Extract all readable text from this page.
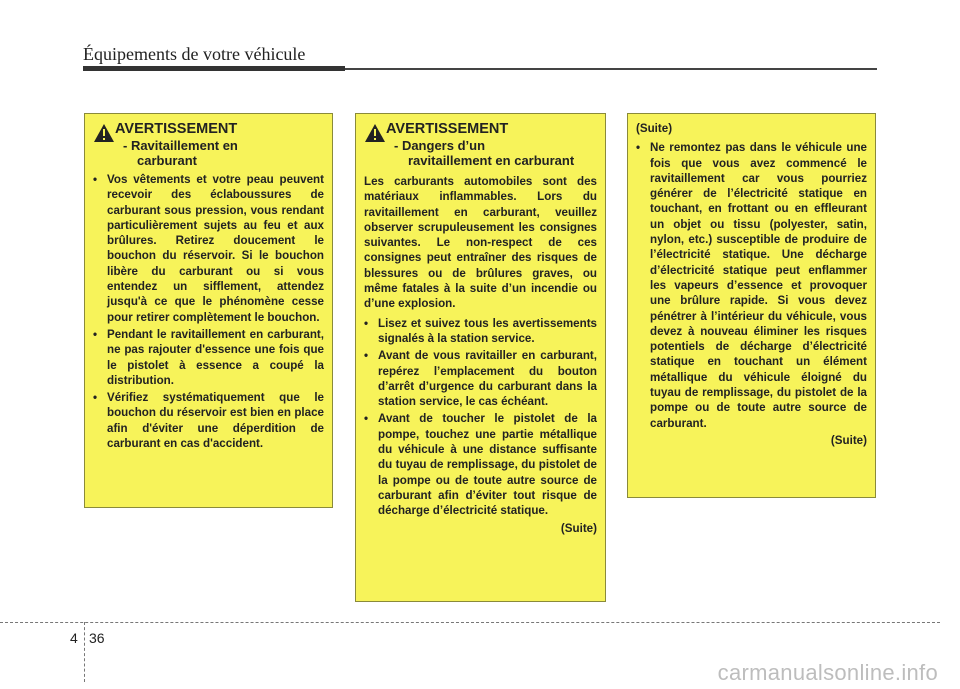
Équipements de votre véhicule
AVERTISSEMENT
- Ravitaillement en
carburant
• Vos vêtements et votre peau peuvent recevoir des éclaboussures de carburant sous pression, vous rendant particulièrement sujets au feu et aux brûlures. Retirez doucement le bouchon du réservoir. Si le bouchon libère du carburant ou si vous entendez un sifflement, attendez jusqu'à ce que le phénomène cesse pour retirer complètement le bouchon.
• Pendant le ravitaillement en carburant, ne pas rajouter d'essence une fois que le pistolet à essence a coupé la distribution.
• Vérifiez systématiquement que le bouchon du réservoir est bien en place afin d'éviter une déperdition de carburant en cas d'accident.
AVERTISSEMENT
- Dangers d’un
ravitaillement en carburant
Les carburants automobiles sont des matériaux inflammables. Lors du ravitaillement en carburant, veuillez observer scrupuleusement les consignes suivantes. Le non-respect de ces consignes peut entraîner des risques de blessures ou de brûlures graves, ou même fatales à la suite d’un incendie ou d’une explosion.
• Lisez et suivez tous les avertissements signalés à la station service.
• Avant de vous ravitailler en carburant, repérez l’emplacement du bouton d’arrêt d’urgence du carburant dans la station service, le cas échéant.
• Avant de toucher le pistolet de la pompe, touchez une partie métallique du véhicule à une distance suffisante du tuyau de remplissage, du pistolet de la pompe ou de toute autre source de carburant afin d’éviter tout risque de décharge d’électricité statique.
(Suite)
(Suite)
• Ne remontez pas dans le véhicule une fois que vous avez commencé le ravitaillement car vous pourriez générer de l’électricité statique en touchant, en frottant ou en effleurant un objet ou tissu (polyester, satin, nylon, etc.) susceptible de produire de l’électricité statique. Une décharge d’électricité statique peut enflammer les vapeurs d’essence et provoquer une brûlure rapide. Si vous devez pénétrer à l’intérieur du véhicule, vous devez à nouveau éliminer les risques potentiels de décharge d’électricité statique en touchant un élément métallique du véhicule éloigné du tuyau de remplissage, du pistolet de la pompe ou de toute autre source de carburant.
(Suite)
4 36
carmanualsonline.info
